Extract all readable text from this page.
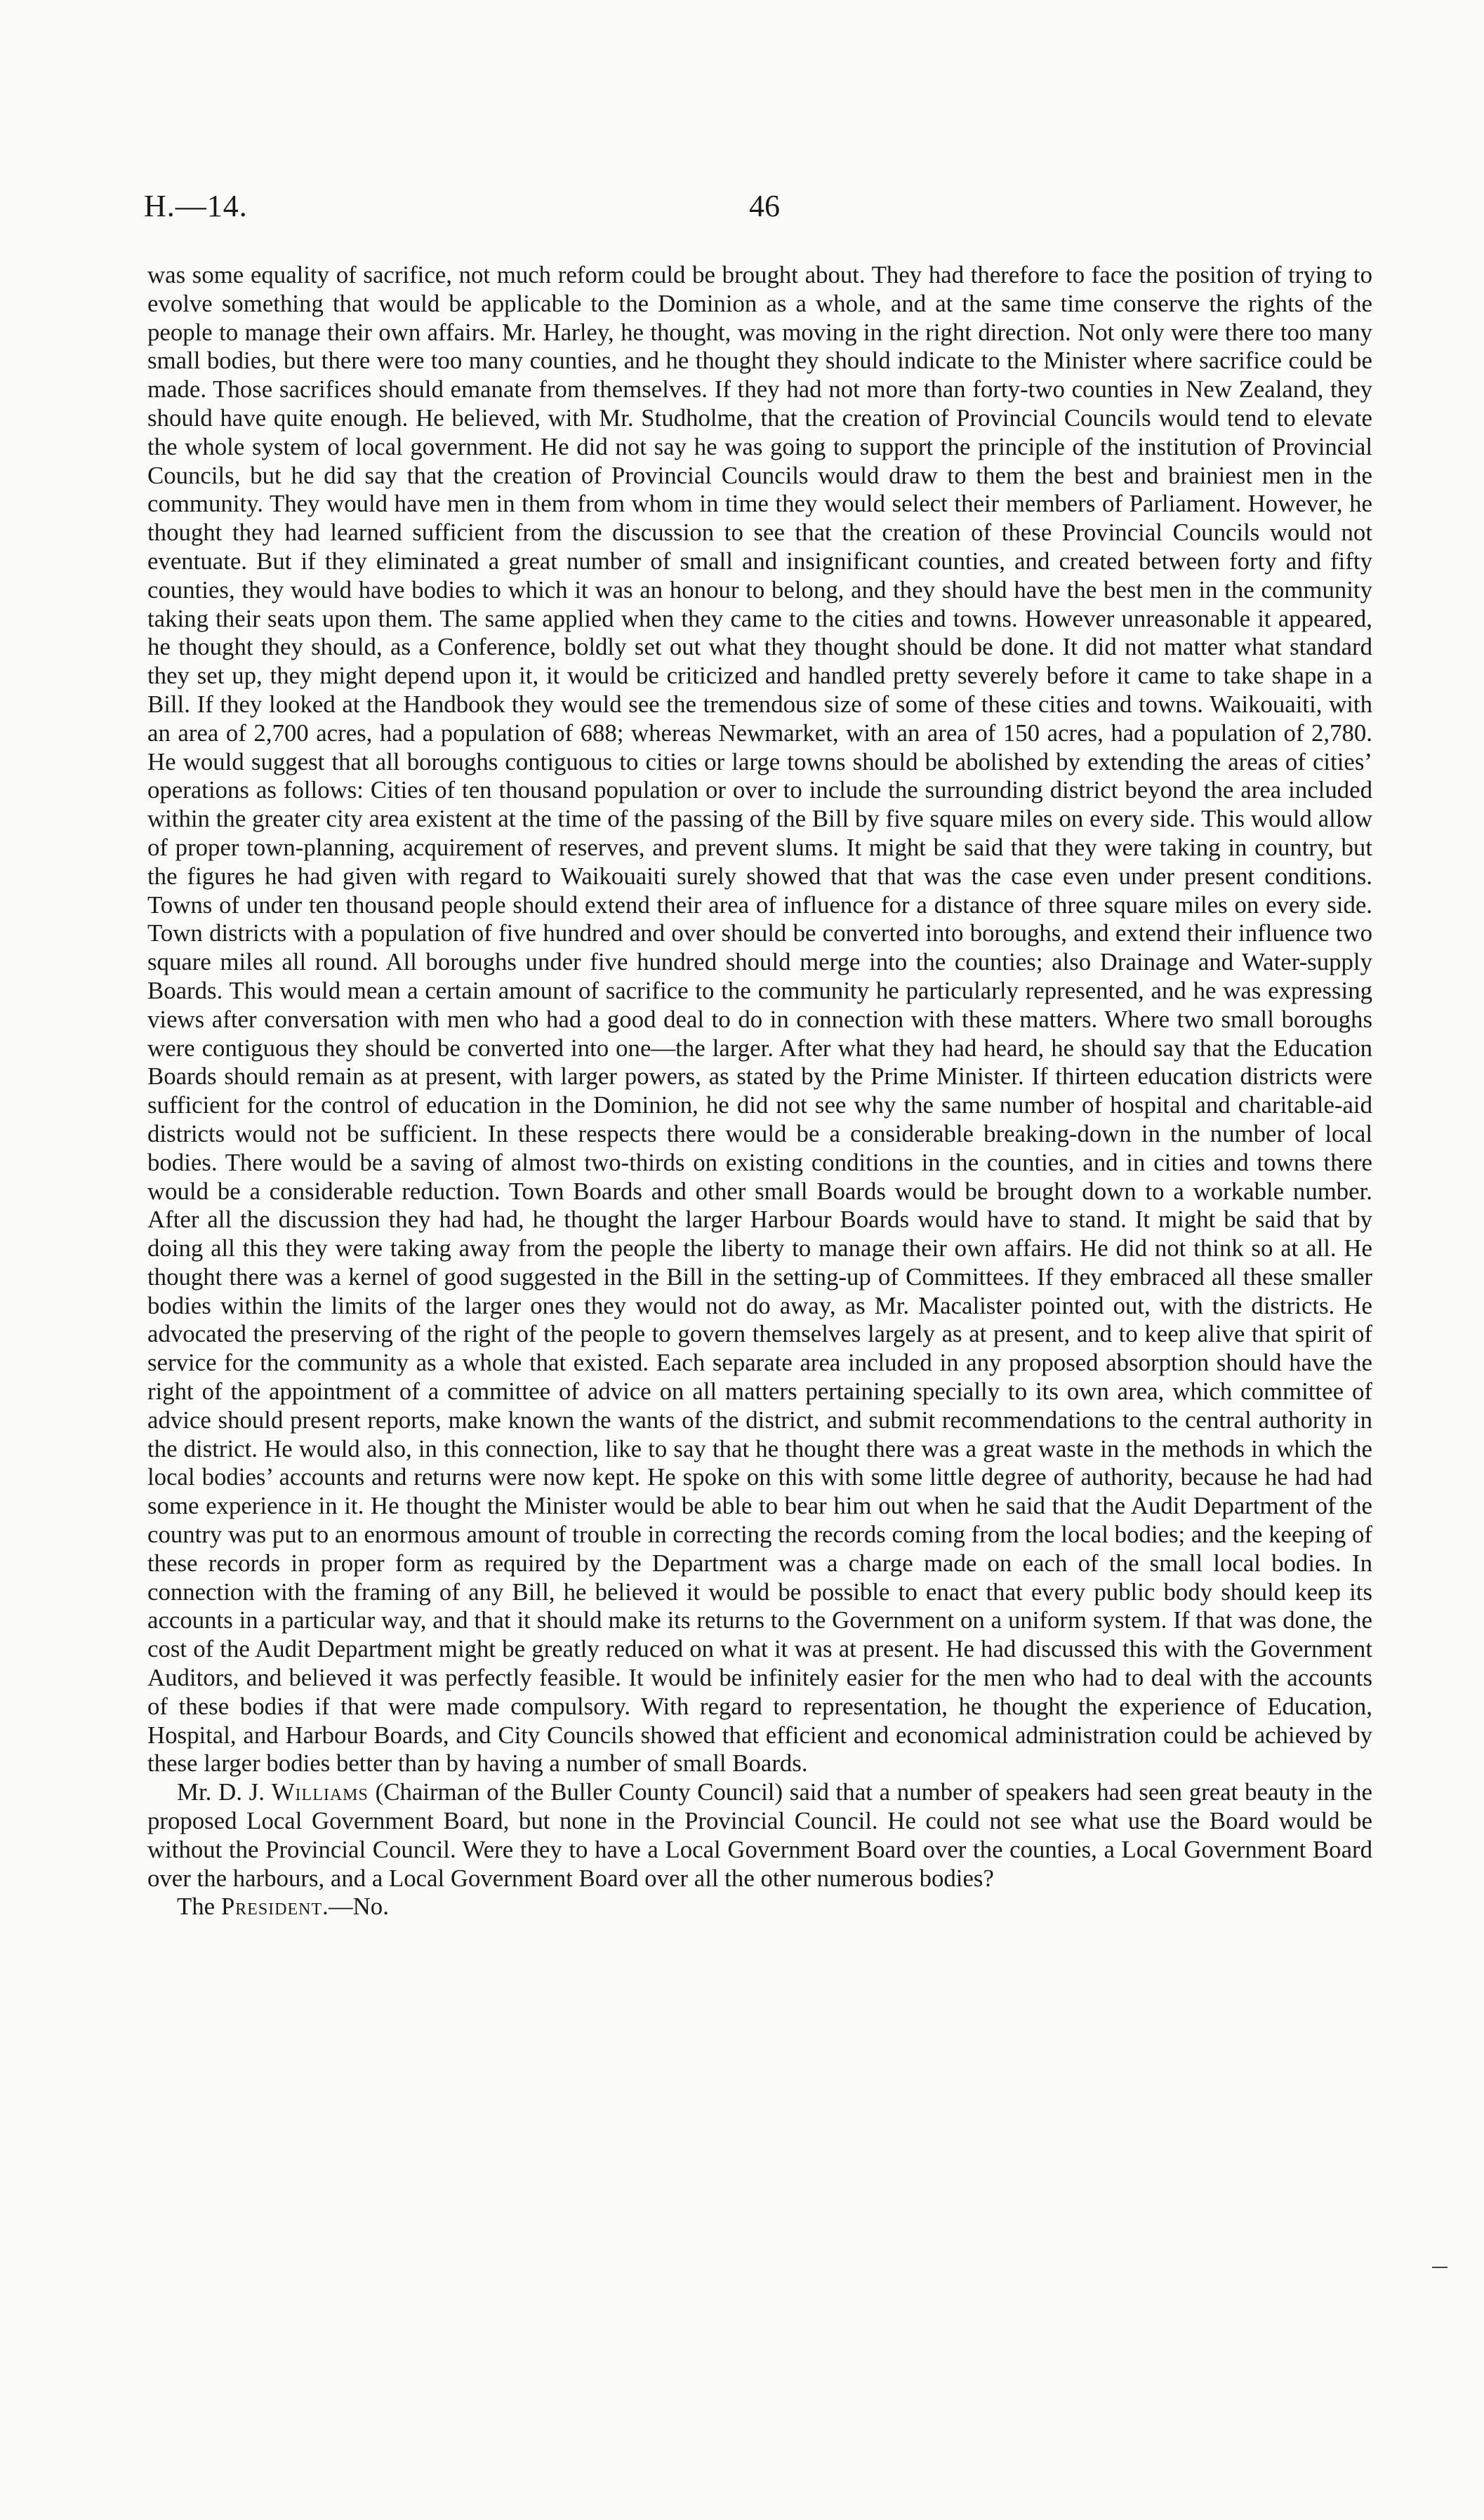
H.—14.	46

was some equality of sacrifice, not much reform could be brought about. They had therefore to face the position of trying to evolve something that would be applicable to the Dominion as a whole, and at the same time conserve the rights of the people to manage their own affairs. Mr. Harley, he thought, was moving in the right direction. Not only were there too many small bodies, but there were too many counties, and he thought they should indicate to the Minister where sacrifice could be made. Those sacrifices should emanate from themselves. If they had not more than forty-two counties in New Zealand, they should have quite enough. He believed, with Mr. Studholme, that the creation of Provincial Councils would tend to elevate the whole system of local government. He did not say he was going to support the principle of the institution of Provincial Councils, but he did say that the creation of Provincial Councils would draw to them the best and brainiest men in the community. They would have men in them from whom in time they would select their members of Parliament. However, he thought they had learned sufficient from the discussion to see that the creation of these Provincial Councils would not eventuate. But if they eliminated a great number of small and insignificant counties, and created between forty and fifty counties, they would have bodies to which it was an honour to belong, and they should have the best men in the community taking their seats upon them. The same applied when they came to the cities and towns. However unreasonable it appeared, he thought they should, as a Conference, boldly set out what they thought should be done. It did not matter what standard they set up, they might depend upon it, it would be criticized and handled pretty severely before it came to take shape in a Bill. If they looked at the Handbook they would see the tremendous size of some of these cities and towns. Waikouaiti, with an area of 2,700 acres, had a population of 688; whereas Newmarket, with an area of 150 acres, had a population of 2,780. He would suggest that all boroughs contiguous to cities or large towns should be abolished by extending the areas of cities’ operations as follows: Cities of ten thousand population or over to include the surrounding district beyond the area included within the greater city area existent at the time of the passing of the Bill by five square miles on every side. This would allow of proper town-planning, acquirement of reserves, and prevent slums. It might be said that they were taking in country, but the figures he had given with regard to Waikouaiti surely showed that that was the case even under present conditions. Towns of under ten thousand people should extend their area of influence for a distance of three square miles on every side. Town districts with a population of five hundred and over should be converted into boroughs, and extend their influence two square miles all round. All boroughs under five hundred should merge into the counties; also Drainage and Water-supply Boards. This would mean a certain amount of sacrifice to the community he particularly represented, and he was expressing views after conversation with men who had a good deal to do in connection with these matters. Where two small boroughs were contiguous they should be converted into one—the larger. After what they had heard, he should say that the Education Boards should remain as at present, with larger powers, as stated by the Prime Minister. If thirteen education districts were sufficient for the control of education in the Dominion, he did not see why the same number of hospital and charitable-aid districts would not be sufficient. In these respects there would be a considerable breaking-down in the number of local bodies. There would be a saving of almost two-thirds on existing conditions in the counties, and in cities and towns there would be a considerable reduction. Town Boards and other small Boards would be brought down to a workable number. After all the discussion they had had, he thought the larger Harbour Boards would have to stand. It might be said that by doing all this they were taking away from the people the liberty to manage their own affairs. He did not think so at all. He thought there was a kernel of good suggested in the Bill in the setting-up of Committees. If they embraced all these smaller bodies within the limits of the larger ones they would not do away, as Mr. Macalister pointed out, with the districts. He advocated the preserving of the right of the people to govern themselves largely as at present, and to keep alive that spirit of service for the community as a whole that existed. Each separate area included in any proposed absorption should have the right of the appointment of a committee of advice on all matters pertaining specially to its own area, which committee of advice should present reports, make known the wants of the district, and submit recommendations to the central authority in the district. He would also, in this connection, like to say that he thought there was a great waste in the methods in which the local bodies’ accounts and returns were now kept. He spoke on this with some little degree of authority, because he had had some experience in it. He thought the Minister would be able to bear him out when he said that the Audit Department of the country was put to an enormous amount of trouble in correcting the records coming from the local bodies; and the keeping of these records in proper form as required by the Department was a charge made on each of the small local bodies. In connection with the framing of any Bill, he believed it would be possible to enact that every public body should keep its accounts in a particular way, and that it should make its returns to the Government on a uniform system. If that was done, the cost of the Audit Department might be greatly reduced on what it was at present. He had discussed this with the Government Auditors, and believed it was perfectly feasible. It would be infinitely easier for the men who had to deal with the accounts of these bodies if that were made compulsory. With regard to representation, he thought the experience of Education, Hospital, and Harbour Boards, and City Councils showed that efficient and economical administration could be achieved by these larger bodies better than by having a number of small Boards.

Mr. D. J. Williams (Chairman of the Buller County Council) said that a number of speakers had seen great beauty in the proposed Local Government Board, but none in the Provincial Council. He could not see what use the Board would be without the Provincial Council. Were they to have a Local Government Board over the counties, a Local Government Board over the harbours, and a Local Government Board over all the other numerous bodies?

The President.—No.
